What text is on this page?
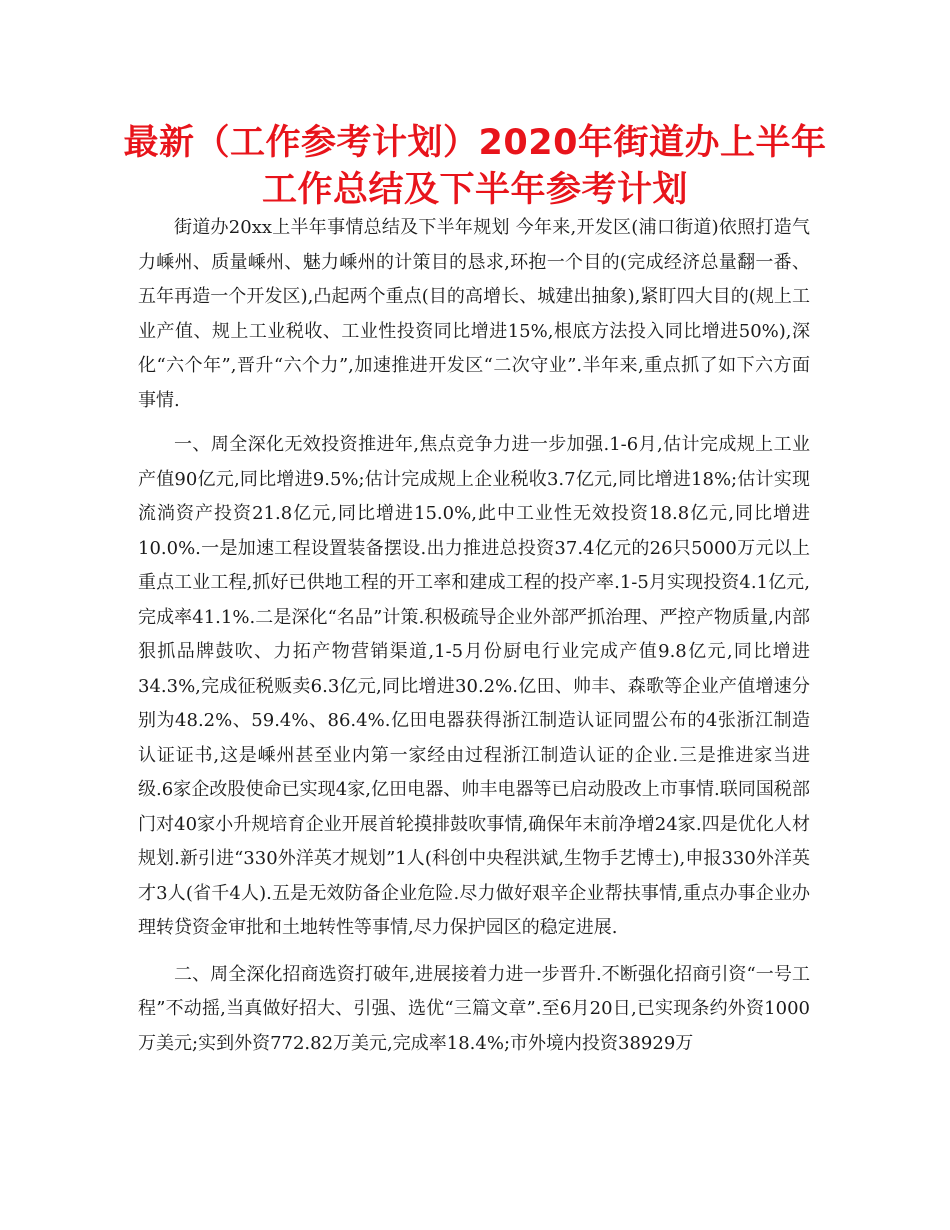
最新（工作参考计划）2020年街道办上半年工作总结及下半年参考计划

街道办20xx上半年事情总结及下半年规划 今年来,开发区(浦口街道)依照打造气力嵊州、质量嵊州、魅力嵊州的计策目的恳求,环抱一个目的(完成经济总量翻一番、五年再造一个开发区),凸起两个重点(目的高增长、城建出抽象),紧盯四大目的(规上工业产值、规上工业税收、工业性投资同比增进15%,根底方法投入同比增进50%),深化“六个年”,晋升“六个力”,加速推进开发区“二次守业”.半年来,重点抓了如下六方面事情.

一、周全深化无效投资推进年,焦点竞争力进一步加强.1-6月,估计完成规上工业产值90亿元,同比增进9.5%;估计完成规上企业税收3.7亿元,同比增进18%;估计实现流淌资产投资21.8亿元,同比增进15.0%,此中工业性无效投资18.8亿元,同比增进10.0%.一是加速工程设置装备摆设.出力推进总投资37.4亿元的26只5000万元以上重点工业工程,抓好已供地工程的开工率和建成工程的投产率.1-5月实现投资4.1亿元,完成率41.1%.二是深化“名品”计策.积极疏导企业外部严抓治理、严控产物质量,内部狠抓品牌鼓吹、力拓产物营销渠道,1-5月份厨电行业完成产值9.8亿元,同比增进34.3%,完成征税贩卖6.3亿元,同比增进30.2%.亿田、帅丰、森歌等企业产值增速分别为48.2%、59.4%、86.4%.亿田电器获得浙江制造认证同盟公布的4张浙江制造认证证书,这是嵊州甚至业内第一家经由过程浙江制造认证的企业.三是推进家当进级.6家企改股使命已实现4家,亿田电器、帅丰电器等已启动股改上市事情.联同国税部门对40家小升规培育企业开展首轮摸排鼓吹事情,确保年末前净增24家.四是优化人材规划.新引进“330外洋英才规划”1人(科创中央程洪斌,生物手艺博士),申报330外洋英才3人(省千4人).五是无效防备企业危险.尽力做好艰辛企业帮扶事情,重点办事企业办理转贷资金审批和土地转性等事情,尽力保护园区的稳定进展.

二、周全深化招商选资打破年,进展接着力进一步晋升.不断强化招商引资“一号工程”不动摇,当真做好招大、引强、选优“三篇文章”.至6月20日,已实现条约外资1000万美元;实到外资772.82万美元,完成率18.4%;市外境内投资38929万
